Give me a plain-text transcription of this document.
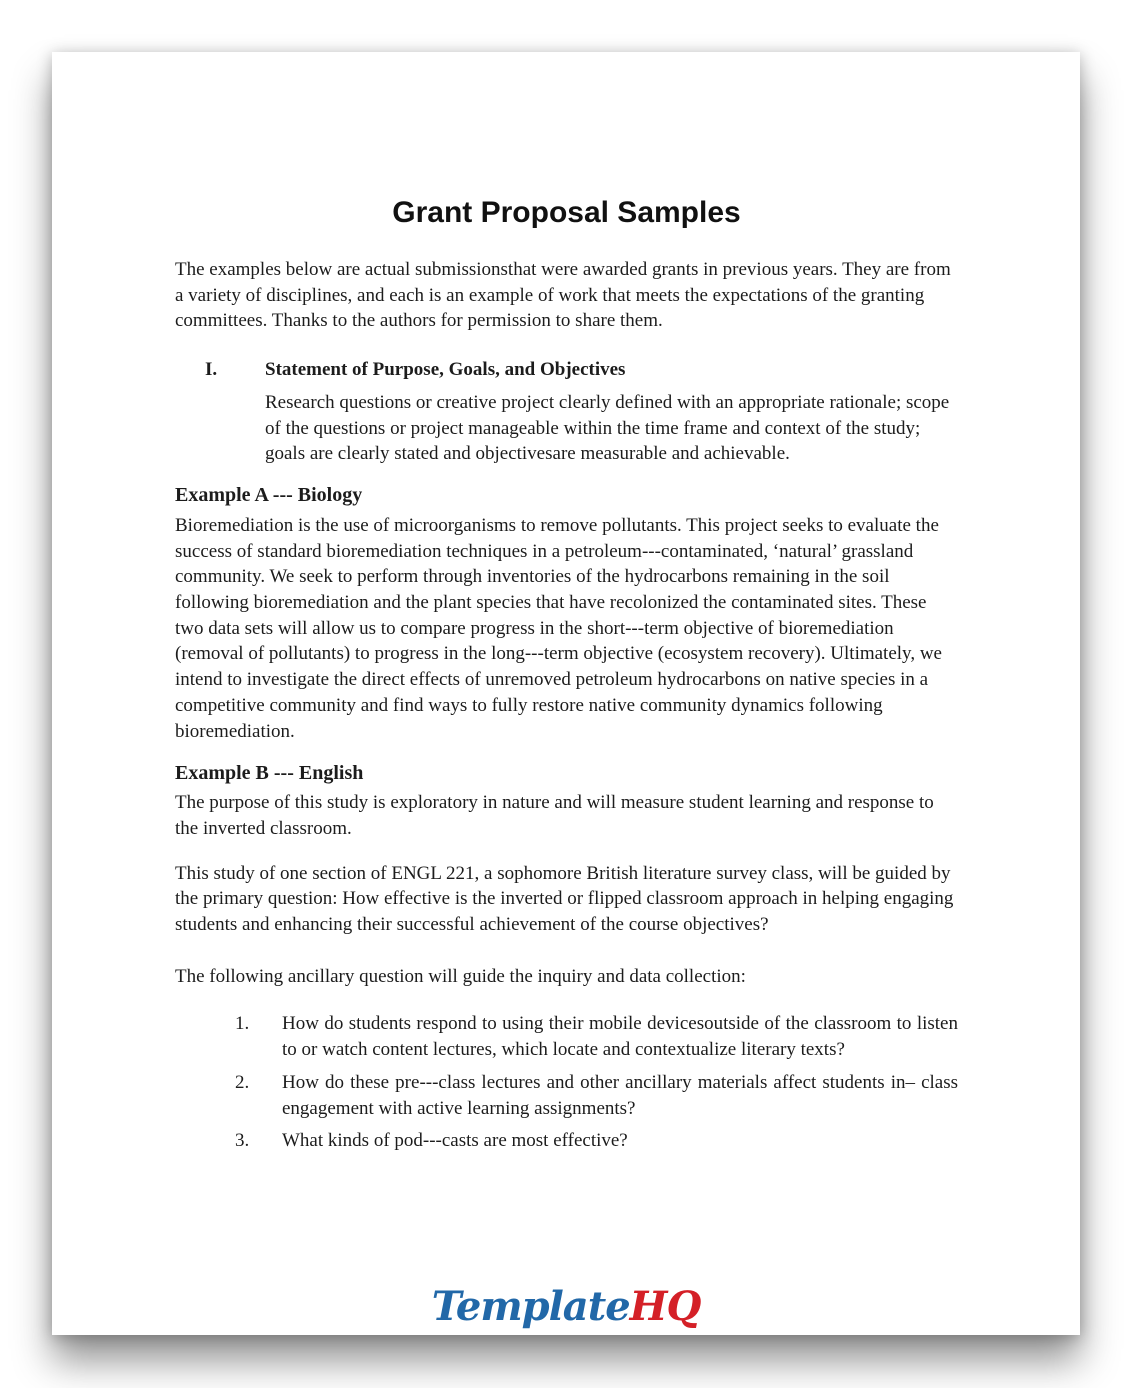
Grant Proposal Samples

The examples below are actual submissionsthat were awarded grants in previous years. They are from a variety of disciplines, and each is an example of work that meets the expectations of the granting committees. Thanks to the authors for permission to share them.

I.	Statement of Purpose, Goals, and Objectives

Research questions or creative project clearly defined with an appropriate rationale; scope of the questions or project manageable within the time frame and context of the study; goals are clearly stated and objectivesare measurable and achievable.

Example A --- Biology

Bioremediation is the use of microorganisms to remove pollutants. This project seeks to evaluate the success of standard bioremediation techniques in a petroleum---contaminated, ‘natural’ grassland community. We seek to perform through inventories of the hydrocarbons remaining in the soil following bioremediation and the plant species that have recolonized the contaminated sites. These two data sets will allow us to compare progress in the short---term objective of bioremediation (removal of pollutants) to progress in the long---term objective (ecosystem recovery). Ultimately, we intend to investigate the direct effects of unremoved petroleum hydrocarbons on native species in a competitive community and find ways to fully restore native community dynamics following bioremediation.

Example B --- English

The purpose of this study is exploratory in nature and will measure student learning and response to the inverted classroom.

This study of one section of ENGL 221, a sophomore British literature survey class, will be guided by the primary question: How effective is the inverted or flipped classroom approach in helping engaging students and enhancing their successful achievement of the course objectives?

The following ancillary question will guide the inquiry and data collection:

1. How do students respond to using their mobile devicesoutside of the classroom to listen to or watch content lectures, which locate and contextualize literary texts?
2. How do these pre---class lectures and other ancillary materials affect students in– class engagement with active learning assignments?
3. What kinds of pod---casts are most effective?
TemplateHQ
